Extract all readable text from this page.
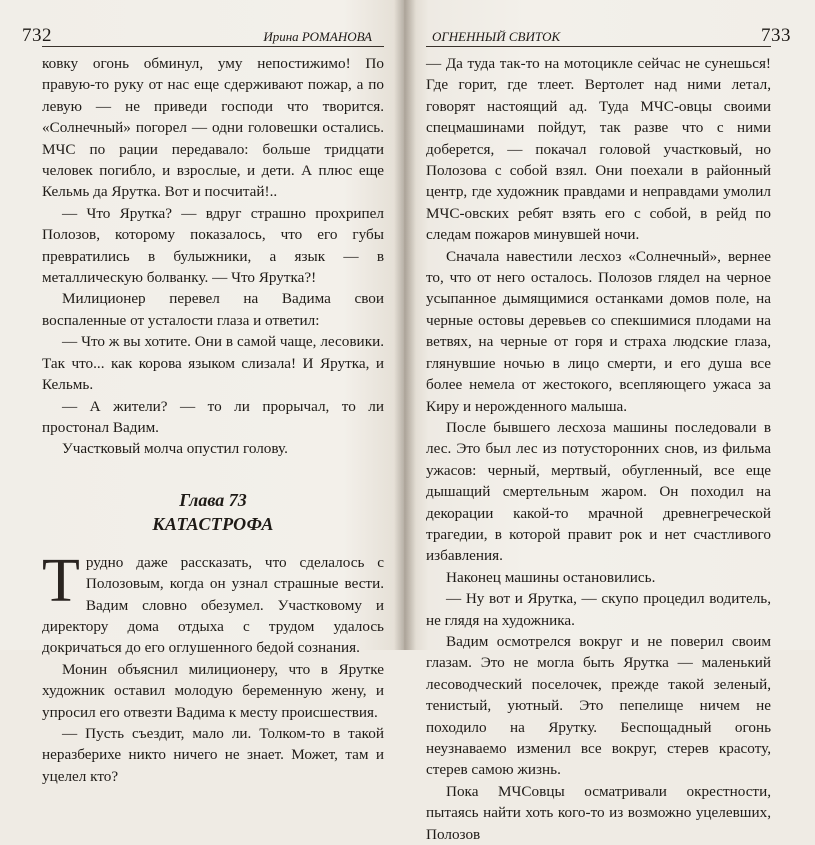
732	Ирина РОМАНОВА

ковку огонь обминул, уму непостижимо! По правую-то руку от нас еще сдерживают пожар, а по левую — не приведи господи что творится. «Солнечный» погорел — одни головешки остались. МЧС по рации передавало: больше тридцати человек погибло, и взрослые, и дети. А плюс еще Кельмь да Ярутка. Вот и посчитай!..

— Что Ярутка? — вдруг страшно прохрипел Полозов, которому показалось, что его губы превратились в булыжники, а язык — в металлическую болванку. — Что Ярутка?!

Милиционер перевел на Вадима свои воспаленные от усталости глаза и ответил:

— Что ж вы хотите. Они в самой чаще, лесовики. Так что... как корова языком слизала! И Ярутка, и Кельмь.

— А жители? — то ли прорычал, то ли простонал Вадим.

Участковый молча опустил голову.

Глава 73
КАТАСТРОФА

Трудно даже рассказать, что сделалось с Полозовым, когда он узнал страшные вести. Вадим словно обезумел. Участковому и директору дома отдыха с трудом удалось докричаться до его оглушенного бедой сознания.

Монин объяснил милиционеру, что в Ярутке художник оставил молодую беременную жену, и упросил его отвезти Вадима к месту происшествия.

— Пусть съездит, мало ли. Толком-то в такой неразберихе никто ничего не знает. Может, там и уцелел кто?

ОГНЕННЫЙ СВИТОК	733

— Да туда так-то на мотоцикле сейчас не сунешься! Где горит, где тлеет. Вертолет над ними летал, говорят настоящий ад. Туда МЧС-овцы своими спецмашинами пойдут, так разве что с ними доберется, — покачал головой участковый, но Полозова с собой взял. Они поехали в районный центр, где художник правдами и неправдами умолил МЧС-овских ребят взять его с собой, в рейд по следам пожаров минувшей ночи.

Сначала навестили лесхоз «Солнечный», вернее то, что от него осталось. Полозов глядел на черное усыпанное дымящимися останками домов поле, на черные остовы деревьев со спекшимися плодами на ветвях, на черные от горя и страха людские глаза, глянувшие ночью в лицо смерти, и его душа все более немела от жестокого, всепляющего ужаса за Киру и нерожденного малыша.

После бывшего лесхоза машины последовали в лес. Это был лес из потусторонних снов, из фильма ужасов: черный, мертвый, обугленный, все еще дышащий смертельным жаром. Он походил на декорации какой-то мрачной древнегреческой трагедии, в которой правит рок и нет счастливого избавления.

Наконец машины остановились.

— Ну вот и Ярутка, — скупо процедил водитель, не глядя на художника.

Вадим осмотрелся вокруг и не поверил своим глазам. Это не могла быть Ярутка — маленький лесоводческий поселочек, прежде такой зеленый, тенистый, уютный. Это пепелище ничем не походило на Ярутку. Беспощадный огонь неузнаваемо изменил все вокруг, стерев красоту, стерев самою жизнь.

Пока МЧСовцы осматривали окрестности, пытаясь найти хоть кого-то из возможно уцелевших, Полозов
